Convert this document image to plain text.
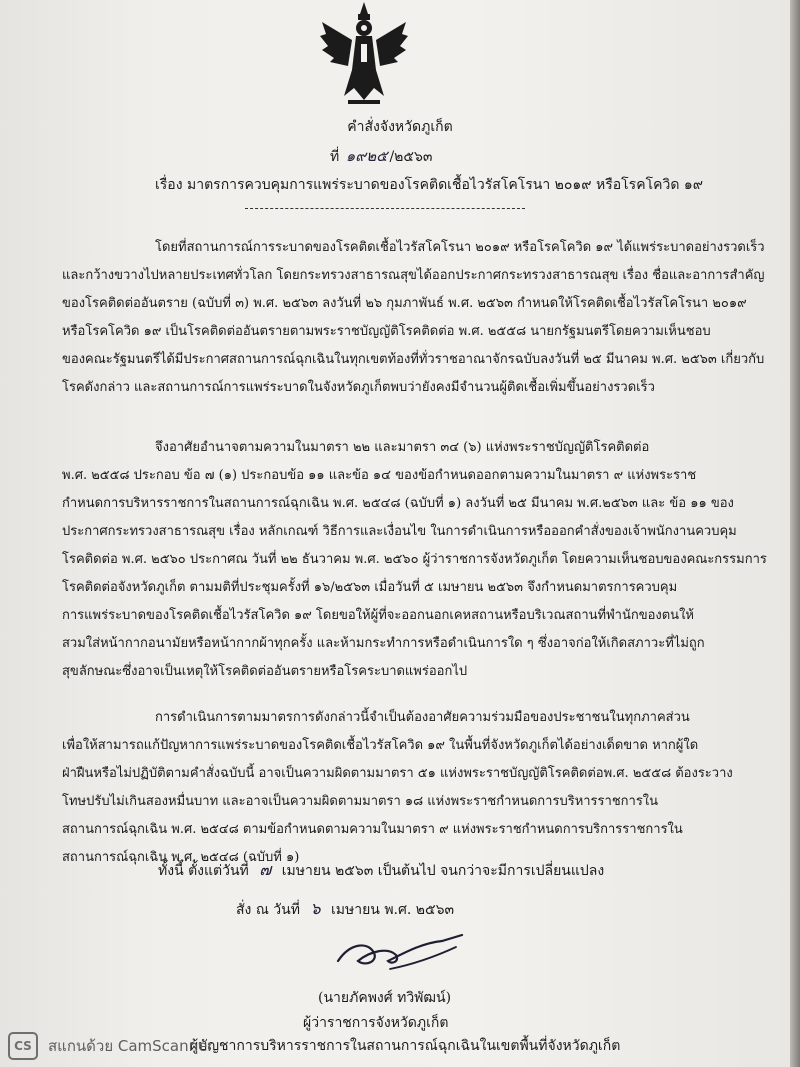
คำสั่งจังหวัดภูเก็ต
ที่ ๑๙๒๕ /๒๕๖๓
เรื่อง มาตรการควบคุมการแพร่ระบาดของโรคติดเชื้อไวรัสโคโรนา ๒๐๑๙ หรือโรคโควิด ๑๙
โดยที่สถานการณ์การระบาดของโรคติดเชื้อไวรัสโคโรนา ๒๐๑๙ หรือโรคโควิด ๑๙ ได้แพร่ระบาดอย่างรวดเร็ว
และกว้างขวางไปหลายประเทศทั่วโลก โดยกระทรวงสาธารณสุขได้ออกประกาศกระทรวงสาธารณสุข เรื่อง ชื่อและอาการสำคัญ
ของโรคติดต่ออันตราย (ฉบับที่ ๓) พ.ศ. ๒๕๖๓ ลงวันที่ ๒๖ กุมภาพันธ์ พ.ศ. ๒๕๖๓ กำหนดให้โรคติดเชื้อไวรัสโคโรนา ๒๐๑๙
หรือโรคโควิด ๑๙ เป็นโรคติดต่ออันตรายตามพระราชบัญญัติโรคติดต่อ พ.ศ. ๒๕๕๘ นายกรัฐมนตรีโดยความเห็นชอบ
ของคณะรัฐมนตรีได้มีประกาศสถานการณ์ฉุกเฉินในทุกเขตท้องที่ทั่วราชอาณาจักรฉบับลงวันที่ ๒๕ มีนาคม พ.ศ. ๒๕๖๓ เกี่ยวกับ
โรคดังกล่าว และสถานการณ์การแพร่ระบาดในจังหวัดภูเก็ตพบว่ายังคงมีจำนวนผู้ติดเชื้อเพิ่มขึ้นอย่างรวดเร็ว
จึงอาศัยอำนาจตามความในมาตรา ๒๒ และมาตรา ๓๔ (๖) แห่งพระราชบัญญัติโรคติดต่อ
พ.ศ. ๒๕๕๘ ประกอบ ข้อ ๗ (๑) ประกอบข้อ ๑๑ และข้อ ๑๔ ของข้อกำหนดออกตามความในมาตรา ๙ แห่งพระราช
กำหนดการบริหารราชการในสถานการณ์ฉุกเฉิน พ.ศ. ๒๕๔๘ (ฉบับที่ ๑) ลงวันที่ ๒๕ มีนาคม พ.ศ.๒๕๖๓ และ ข้อ ๑๑ ของ
ประกาศกระทรวงสาธารณสุข เรื่อง หลักเกณฑ์ วิธีการและเงื่อนไข ในการดำเนินการหรือออกคำสั่งของเจ้าพนักงานควบคุม
โรคติดต่อ พ.ศ. ๒๕๖๐ ประกาศณ วันที่ ๒๒ ธันวาคม พ.ศ. ๒๕๖๐ ผู้ว่าราชการจังหวัดภูเก็ต โดยความเห็นชอบของคณะกรรมการ
โรคติดต่อจังหวัดภูเก็ต ตามมติที่ประชุมครั้งที่ ๑๖/๒๕๖๓ เมื่อวันที่ ๕ เมษายน ๒๕๖๓ จึงกำหนดมาตรการควบคุม
การแพร่ระบาดของโรคติดเชื้อไวรัสโควิด ๑๙ โดยขอให้ผู้ที่จะออกนอกเคหสถานหรือบริเวณสถานที่พำนักของตนให้
สวมใส่หน้ากากอนามัยหรือหน้ากากผ้าทุกครั้ง และห้ามกระทำการหรือดำเนินการใด ๆ ซึ่งอาจก่อให้เกิดสภาวะที่ไม่ถูก
สุขลักษณะซึ่งอาจเป็นเหตุให้โรคติดต่ออันตรายหรือโรคระบาดแพร่ออกไป
การดำเนินการตามมาตรการดังกล่าวนี้จำเป็นต้องอาศัยความร่วมมือของประชาชนในทุกภาคส่วน
เพื่อให้สามารถแก้ปัญหาการแพร่ระบาดของโรคติดเชื้อไวรัสโควิด ๑๙ ในพื้นที่จังหวัดภูเก็ตได้อย่างเด็ดขาด หากผู้ใด
ฝ่าฝืนหรือไม่ปฏิบัติตามคำสั่งฉบับนี้ อาจเป็นความผิดตามมาตรา ๕๑ แห่งพระราชบัญญัติโรคติดต่อพ.ศ. ๒๕๕๘ ต้องระวาง
โทษปรับไม่เกินสองหมื่นบาท และอาจเป็นความผิดตามมาตรา ๑๘ แห่งพระราชกำหนดการบริหารราชการใน
สถานการณ์ฉุกเฉิน พ.ศ. ๒๕๔๘ ตามข้อกำหนดตามความในมาตรา ๙ แห่งพระราชกำหนดการบริการราชการใน
สถานการณ์ฉุกเฉิน พ.ศ. ๒๕๔๘ (ฉบับที่ ๑)
ทั้งนี้ ตั้งแต่วันที่ ๗ เมษายน ๒๕๖๓ เป็นต้นไป จนกว่าจะมีการเปลี่ยนแปลง
สั่ง ณ วันที่ ๖ เมษายน พ.ศ. ๒๕๖๓
(นายภัคพงศ์ ทวิพัฒน์)
ผู้ว่าราชการจังหวัดภูเก็ต
ผู้บัญชาการบริหารราชการในสถานการณ์ฉุกเฉินในเขตพื้นที่จังหวัดภูเก็ต
CS	สแกนด้วย CamScanner
